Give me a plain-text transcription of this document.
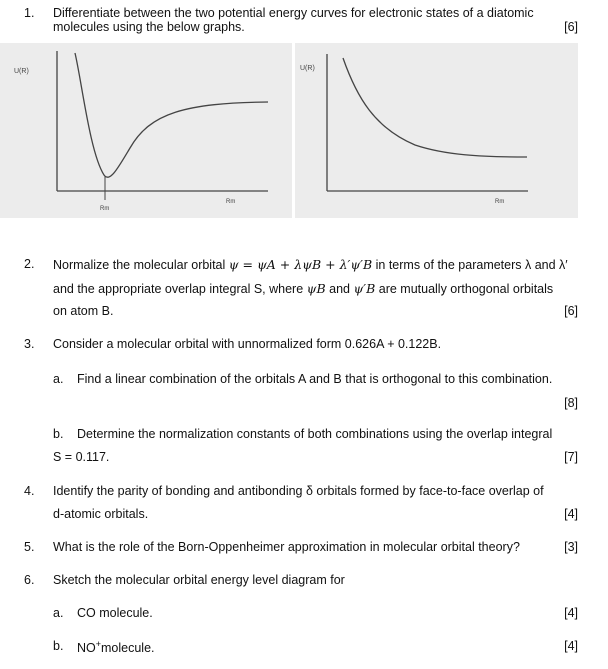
1. Differentiate between the two potential energy curves for electronic states of a diatomic
molecules using the below graphs.	[6]
U(R)
Rm
Rm
U(R)
Rm
2. Normalize the molecular orbital ψ = ψA + λψB + λ′ψ′B in terms of the parameters λ and λ′
and the appropriate overlap integral S, where ψB and ψ′B are mutually orthogonal orbitals
on atom B.	[6]
3. Consider a molecular orbital with unnormalized form 0.626A + 0.122B.
a. Find a linear combination of the orbitals A and B that is orthogonal to this combination.
[8]
b. Determine the normalization constants of both combinations using the overlap integral
S = 0.117.	[7]
4. Identify the parity of bonding and antibonding δ orbitals formed by face-to-face overlap of
d-atomic orbitals.	[4]
5. What is the role of the Born-Oppenheimer approximation in molecular orbital theory?	[3]
6. Sketch the molecular orbital energy level diagram for
a. CO molecule.	[4]
b. NO+molecule.	[4]
